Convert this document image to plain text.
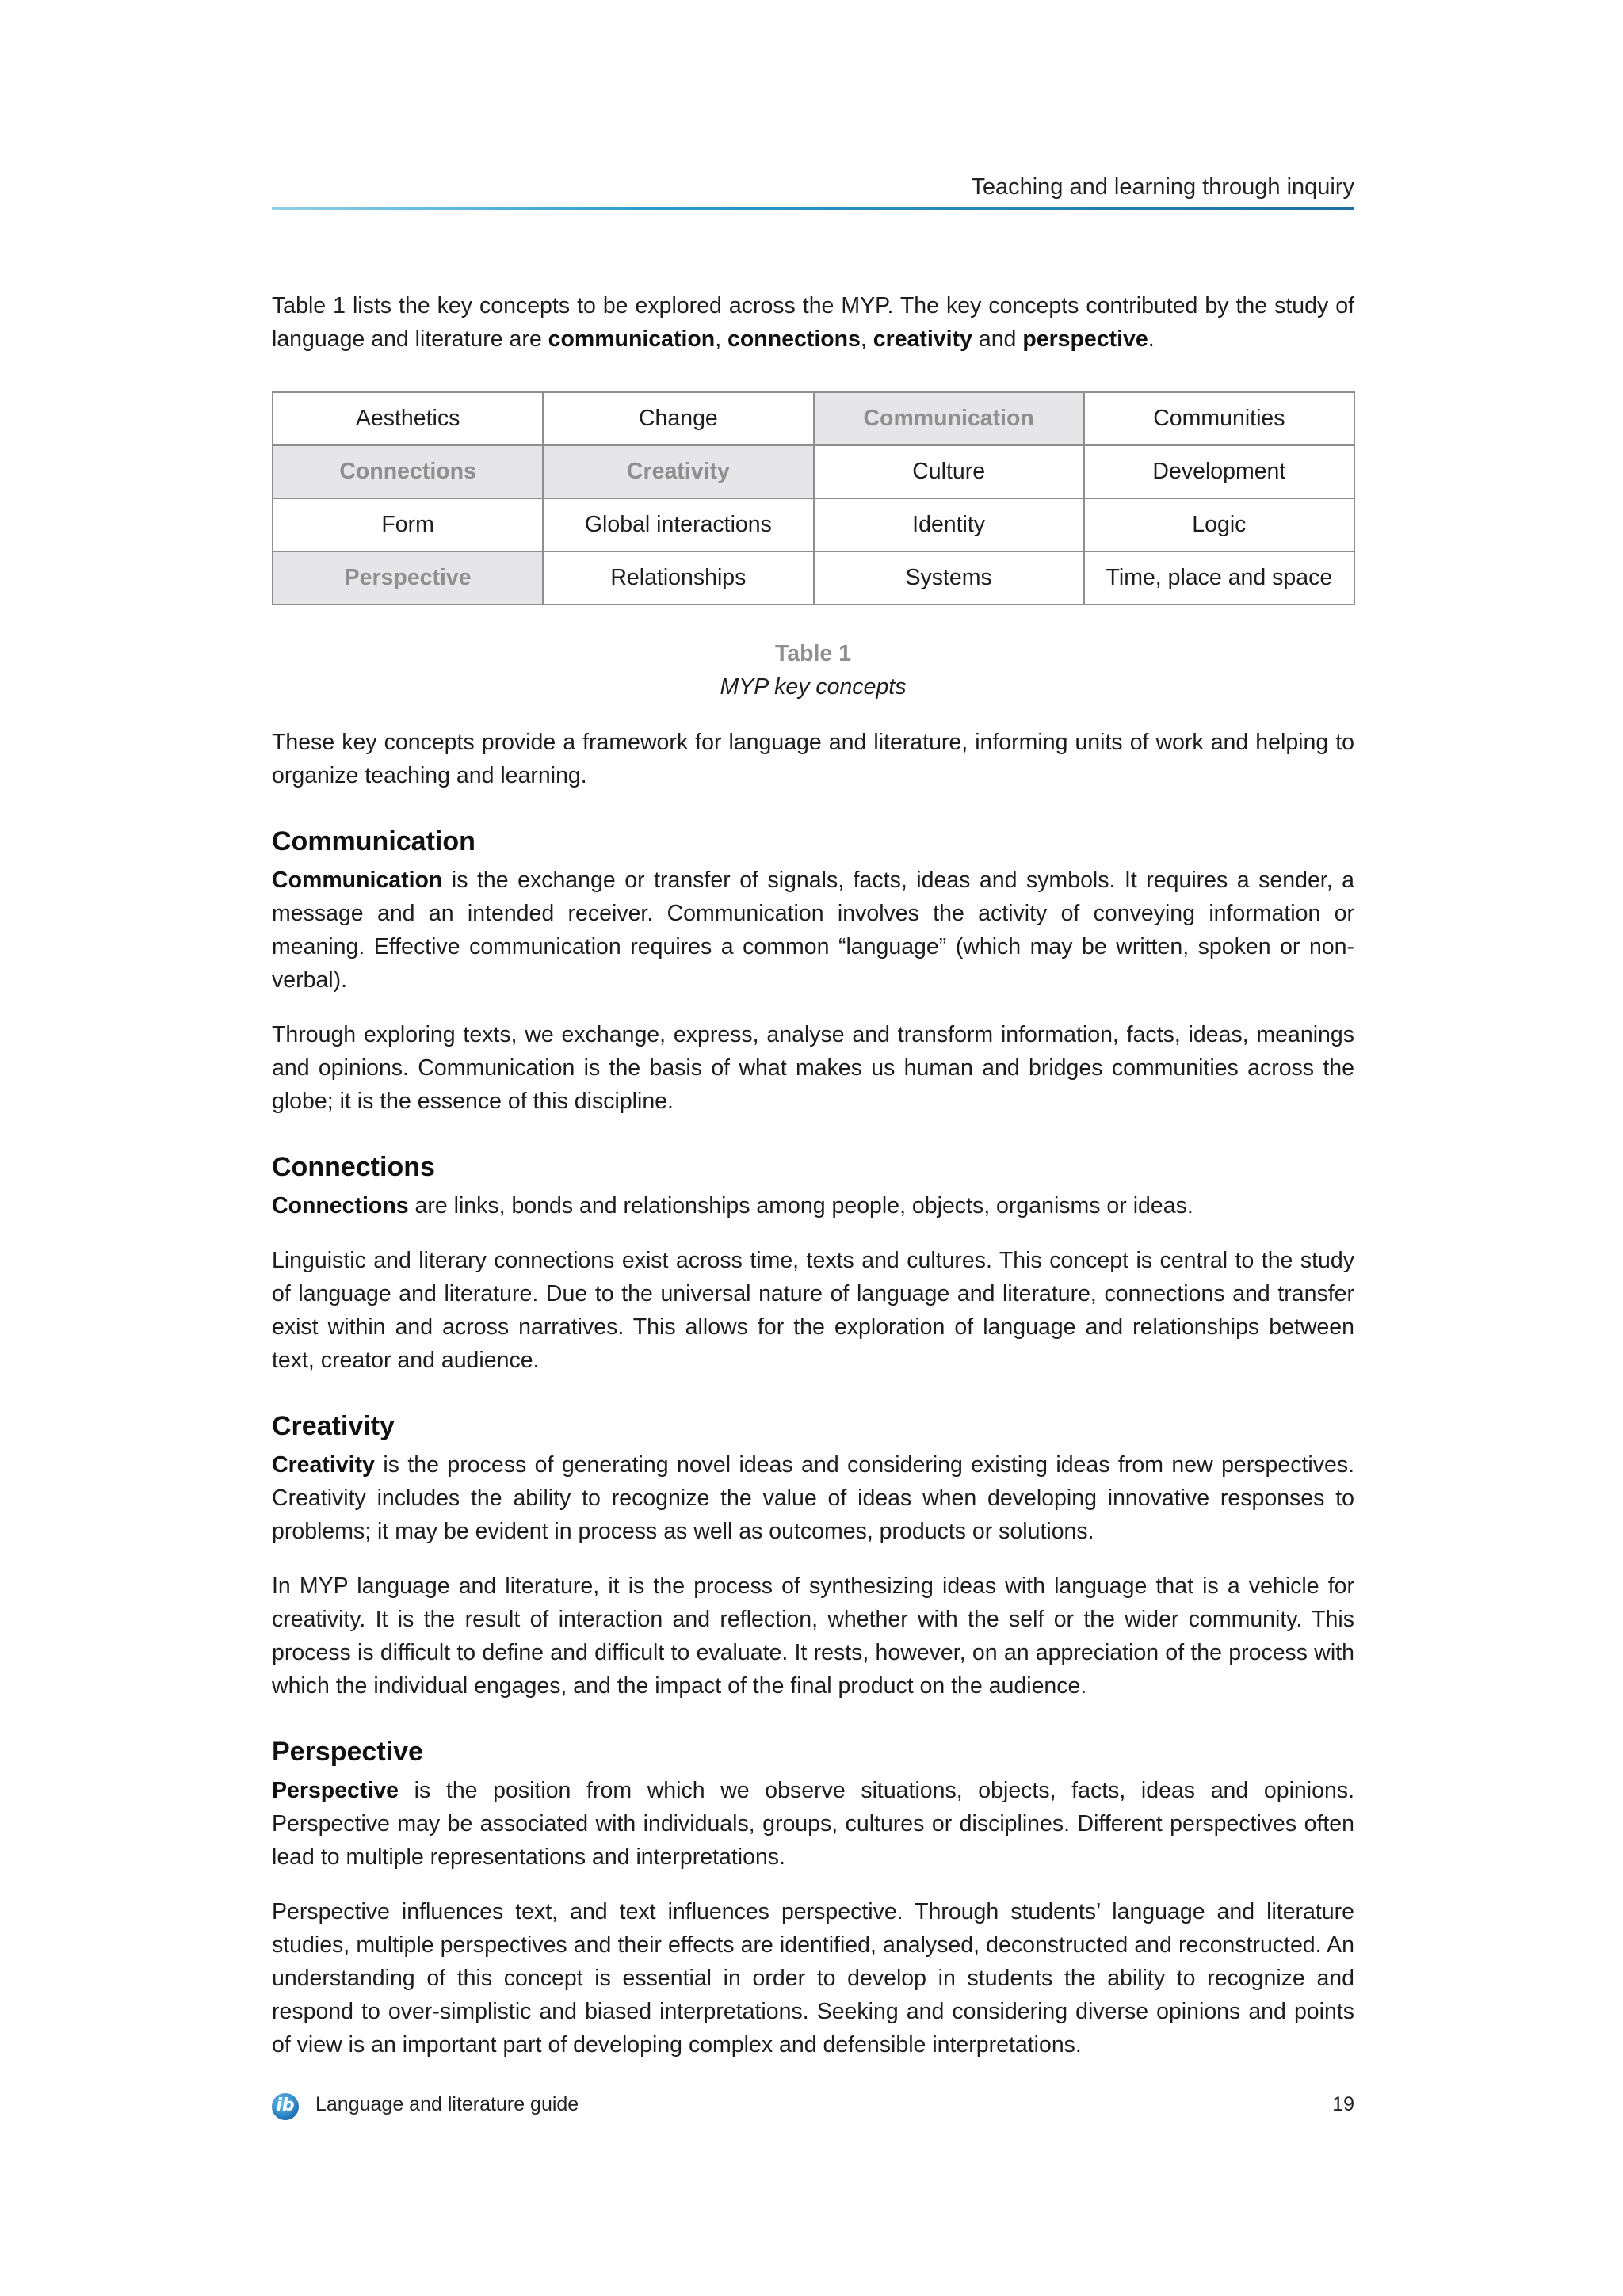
Teaching and learning through inquiry

Table 1 lists the key concepts to be explored across the MYP. The key concepts contributed by the study of language and literature are communication, connections, creativity and perspective.

Aesthetics	Change	Communication	Communities
Connections	Creativity	Culture	Development
Form	Global interactions	Identity	Logic
Perspective	Relationships	Systems	Time, place and space
Table 1
MYP key concepts

These key concepts provide a framework for language and literature, informing units of work and helping to organize teaching and learning.

Communication

Communication is the exchange or transfer of signals, facts, ideas and symbols. It requires a sender, a message and an intended receiver. Communication involves the activity of conveying information or meaning. Effective communication requires a common “language” (which may be written, spoken or non-verbal).

Through exploring texts, we exchange, express, analyse and transform information, facts, ideas, meanings and opinions. Communication is the basis of what makes us human and bridges communities across the globe; it is the essence of this discipline.

Connections

Connections are links, bonds and relationships among people, objects, organisms or ideas.

Linguistic and literary connections exist across time, texts and cultures. This concept is central to the study of language and literature. Due to the universal nature of language and literature, connections and transfer exist within and across narratives. This allows for the exploration of language and relationships between text, creator and audience.

Creativity

Creativity is the process of generating novel ideas and considering existing ideas from new perspectives. Creativity includes the ability to recognize the value of ideas when developing innovative responses to problems; it may be evident in process as well as outcomes, products or solutions.

In MYP language and literature, it is the process of synthesizing ideas with language that is a vehicle for creativity. It is the result of interaction and reflection, whether with the self or the wider community. This process is difficult to define and difficult to evaluate. It rests, however, on an appreciation of the process with which the individual engages, and the impact of the final product on the audience.

Perspective

Perspective is the position from which we observe situations, objects, facts, ideas and opinions. Perspective may be associated with individuals, groups, cultures or disciplines. Different perspectives often lead to multiple representations and interpretations.

Perspective influences text, and text influences perspective. Through students’ language and literature studies, multiple perspectives and their effects are identified, analysed, deconstructed and reconstructed. An understanding of this concept is essential in order to develop in students the ability to recognize and respond to over-simplistic and biased interpretations. Seeking and considering diverse opinions and points of view is an important part of developing complex and defensible interpretations.

ib Language and literature guide	19
